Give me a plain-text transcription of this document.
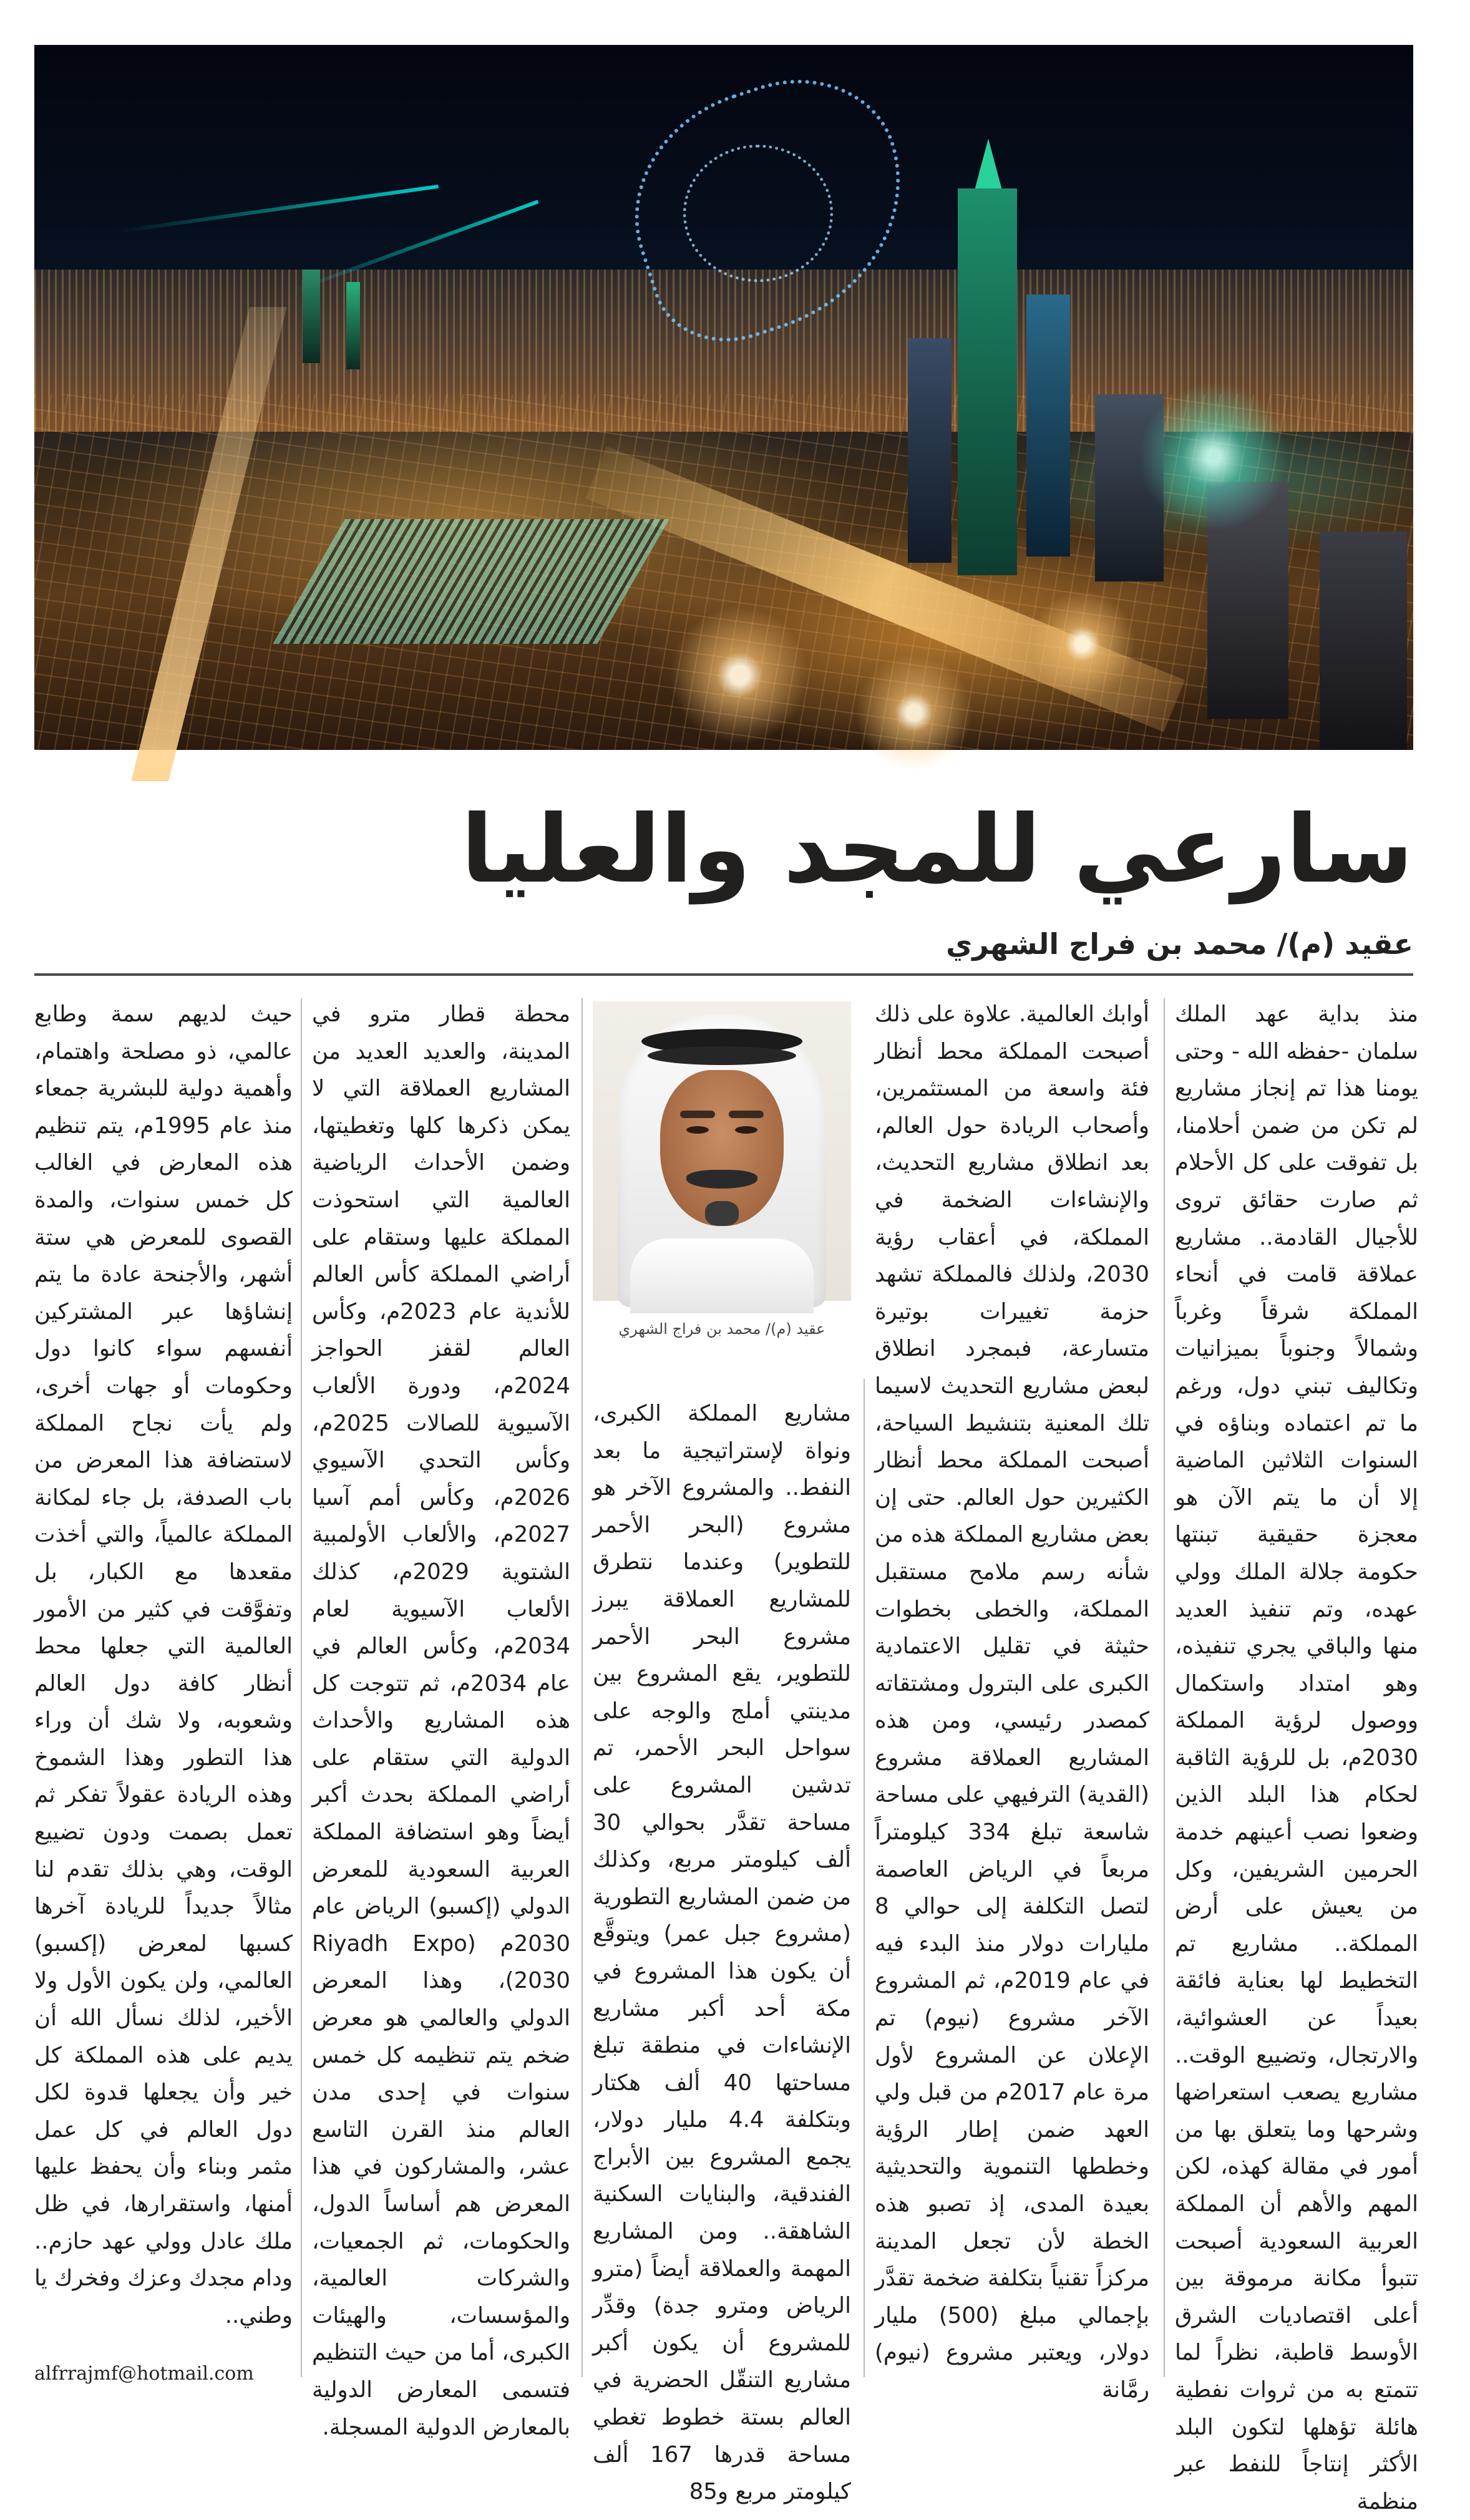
سارعي للمجد والعليا
عقيد (م)/ محمد بن فراج الشهري
منذ بداية عهد الملك سلمان -حفظه الله - وحتى يومنا هذا تم إنجاز مشاريع لم تكن من ضمن أحلامنا، بل تفوقت على كل الأحلام ثم صارت حقائق تروى للأجيال القادمة.. مشاريع عملاقة قامت في أنحاء المملكة شرقاً وغرباً وشمالاً وجنوباً بميزانيات وتكاليف تبني دول، ورغم ما تم اعتماده وبناؤه في السنوات الثلاثين الماضية إلا أن ما يتم الآن هو معجزة حقيقية تبنتها حكومة جلالة الملك وولي عهده، وتم تنفيذ العديد منها والباقي يجري تنفيذه، وهو امتداد واستكمال ووصول لرؤية المملكة 2030م، بل للرؤية الثاقبة لحكام هذا البلد الذين وضعوا نصب أعينهم خدمة الحرمين الشريفين، وكل من يعيش على أرض المملكة.. مشاريع تم التخطيط لها بعناية فائقة بعيداً عن العشوائية، والارتجال، وتضييع الوقت.. مشاريع يصعب استعراضها وشرحها وما يتعلق بها من أمور في مقالة كهذه، لكن المهم والأهم أن المملكة العربية السعودية أصبحت تتبوأ مكانة مرموقة بين أعلى اقتصاديات الشرق الأوسط قاطبة، نظراً لما تتمتع به من ثروات نفطية هائلة تؤهلها لتكون البلد الأكثر إنتاجاً للنفط عبر منظمة
أوابك العالمية. علاوة على ذلك أصبحت المملكة محط أنظار فئة واسعة من المستثمرين، وأصحاب الريادة حول العالم، بعد انطلاق مشاريع التحديث، والإنشاءات الضخمة في المملكة، في أعقاب رؤية 2030، ولذلك فالمملكة تشهد حزمة تغييرات بوتيرة متسارعة، فبمجرد انطلاق لبعض مشاريع التحديث لاسيما تلك المعنية بتنشيط السياحة، أصبحت المملكة محط أنظار الكثيرين حول العالم. حتى إن بعض مشاريع المملكة هذه من شأنه رسم ملامح مستقبل المملكة، والخطى بخطوات حثيثة في تقليل الاعتمادية الكبرى على البترول ومشتقاته كمصدر رئيسي، ومن هذه المشاريع العملاقة مشروع (القدية) الترفيهي على مساحة شاسعة تبلغ 334 كيلومتراً مربعاً في الرياض العاصمة لتصل التكلفة إلى حوالي 8 مليارات دولار منذ البدء فيه في عام 2019م، ثم المشروع الآخر مشروع (نيوم) تم الإعلان عن المشروع لأول مرة عام 2017م من قبل ولي العهد ضمن إطار الرؤية وخططها التنموية والتحديثية بعيدة المدى، إذ تصبو هذه الخطة لأن تجعل المدينة مركزاً تقنياً بتكلفة ضخمة تقدَّر بإجمالي مبلغ (500) مليار دولار، ويعتبر مشروع (نيوم) رمَّانة
عقيد (م)/ محمد بن فراج الشهري
مشاريع المملكة الكبرى، ونواة لإستراتيجية ما بعد النفط.. والمشروع الآخر هو مشروع (البحر الأحمر للتطوير) وعندما نتطرق للمشاريع العملاقة يبرز مشروع البحر الأحمر للتطوير، يقع المشروع بين مدينتي أملج والوجه على سواحل البحر الأحمر، تم تدشين المشروع على مساحة تقدَّر بحوالي 30 ألف كيلومتر مربع، وكذلك من ضمن المشاريع التطورية (مشروع جبل عمر) ويتوقَّع أن يكون هذا المشروع في مكة أحد أكبر مشاريع الإنشاءات في منطقة تبلغ مساحتها 40 ألف هكتار وبتكلفة 4.4 مليار دولار، يجمع المشروع بين الأبراج الفندقية، والبنايات السكنية الشاهقة.. ومن المشاريع المهمة والعملاقة أيضاً (مترو الرياض ومترو جدة) وقدِّر للمشروع أن يكون أكبر مشاريع التنقّل الحضرية في العالم بستة خطوط تغطي مساحة قدرها 167 ألف كيلومتر مربع و85
محطة قطار مترو في المدينة، والعديد العديد من المشاريع العملاقة التي لا يمكن ذكرها كلها وتغطيتها، وضمن الأحداث الرياضية العالمية التي استحوذت المملكة عليها وستقام على أراضي المملكة كأس العالم للأندية عام 2023م، وكأس العالم لقفز الحواجز 2024م، ودورة الألعاب الآسيوية للصالات 2025م، وكأس التحدي الآسيوي 2026م، وكأس أمم آسيا 2027م، والألعاب الأولمبية الشتوية 2029م، كذلك الألعاب الآسيوية لعام 2034م، وكأس العالم في عام 2034م، ثم تتوجت كل هذه المشاريع والأحداث الدولية التي ستقام على أراضي المملكة بحدث أكبر أيضاً وهو استضافة المملكة العربية السعودية للمعرض الدولي (إكسبو) الرياض عام 2030م (Riyadh Expo 2030)، وهذا المعرض الدولي والعالمي هو معرض ضخم يتم تنظيمه كل خمس سنوات في إحدى مدن العالم منذ القرن التاسع عشر، والمشاركون في هذا المعرض هم أساساً الدول، والحكومات، ثم الجمعيات، والشركات العالمية، والمؤسسات، والهيئات الكبرى، أما من حيث التنظيم فتسمى المعارض الدولية بالمعارض الدولية المسجلة.
حيث لديهم سمة وطابع عالمي، ذو مصلحة واهتمام، وأهمية دولية للبشرية جمعاء منذ عام 1995م، يتم تنظيم هذه المعارض في الغالب كل خمس سنوات، والمدة القصوى للمعرض هي ستة أشهر، والأجنحة عادة ما يتم إنشاؤها عبر المشتركين أنفسهم سواء كانوا دول وحكومات أو جهات أخرى، ولم يأت نجاح المملكة لاستضافة هذا المعرض من باب الصدفة، بل جاء لمكانة المملكة عالمياً، والتي أخذت مقعدها مع الكبار، بل وتفوَّقت في كثير من الأمور العالمية التي جعلها محط أنظار كافة دول العالم وشعوبه، ولا شك أن وراء هذا التطور وهذا الشموخ وهذه الريادة عقولاً تفكر ثم تعمل بصمت ودون تضييع الوقت، وهي بذلك تقدم لنا مثالاً جديداً للريادة آخرها كسبها لمعرض (إكسبو) العالمي، ولن يكون الأول ولا الأخير، لذلك نسأل الله أن يديم على هذه المملكة كل خير وأن يجعلها قدوة لكل دول العالم في كل عمل مثمر وبناء وأن يحفظ عليها أمنها، واستقرارها، في ظل ملك عادل وولي عهد حازم.. ودام مجدك وعزك وفخرك يا وطني..
alfrrajmf@hotmail.com
